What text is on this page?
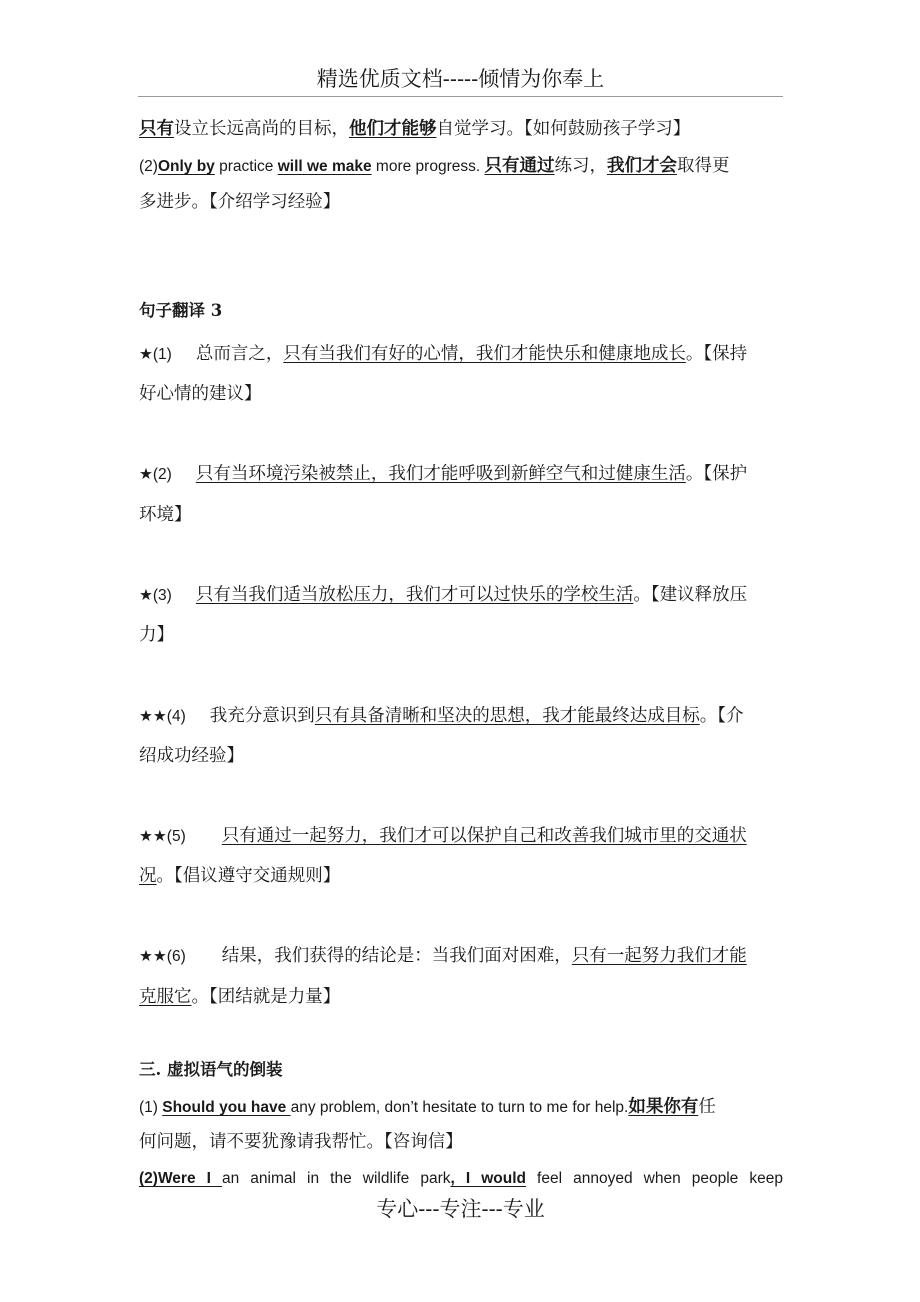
精选优质文档-----倾情为你奉上
只有设立长远高尚的目标，他们才能够自觉学习。【如何鼓励孩子学习】
(2)Only by practice will we make more progress. 只有通过练习，我们才会取得更
多进步。【介绍学习经验】
句子翻译 3
★(1) 总而言之，只有当我们有好的心情，我们才能快乐和健康地成长。【保持
好心情的建议】
★(2) 只有当环境污染被禁止，我们才能呼吸到新鲜空气和过健康生活。【保护
环境】
★(3) 只有当我们适当放松压力，我们才可以过快乐的学校生活。【建议释放压
力】
★★(4) 我充分意识到只有具备清晰和坚决的思想，我才能最终达成目标。【介
绍成功经验】
★★(5) 只有通过一起努力，我们才可以保护自己和改善我们城市里的交通状
况。【倡议遵守交通规则】
★★(6) 结果，我们获得的结论是：当我们面对困难，只有一起努力我们才能
克服它。【团结就是力量】
三. 虚拟语气的倒装
(1) Should you have any problem, don’t hesitate to turn to me for help.如果你有任
何问题，请不要犹豫请我帮忙。【咨询信】
(2)Were I an animal in the wildlife park, I would feel annoyed when people keep
专心---专注---专业
